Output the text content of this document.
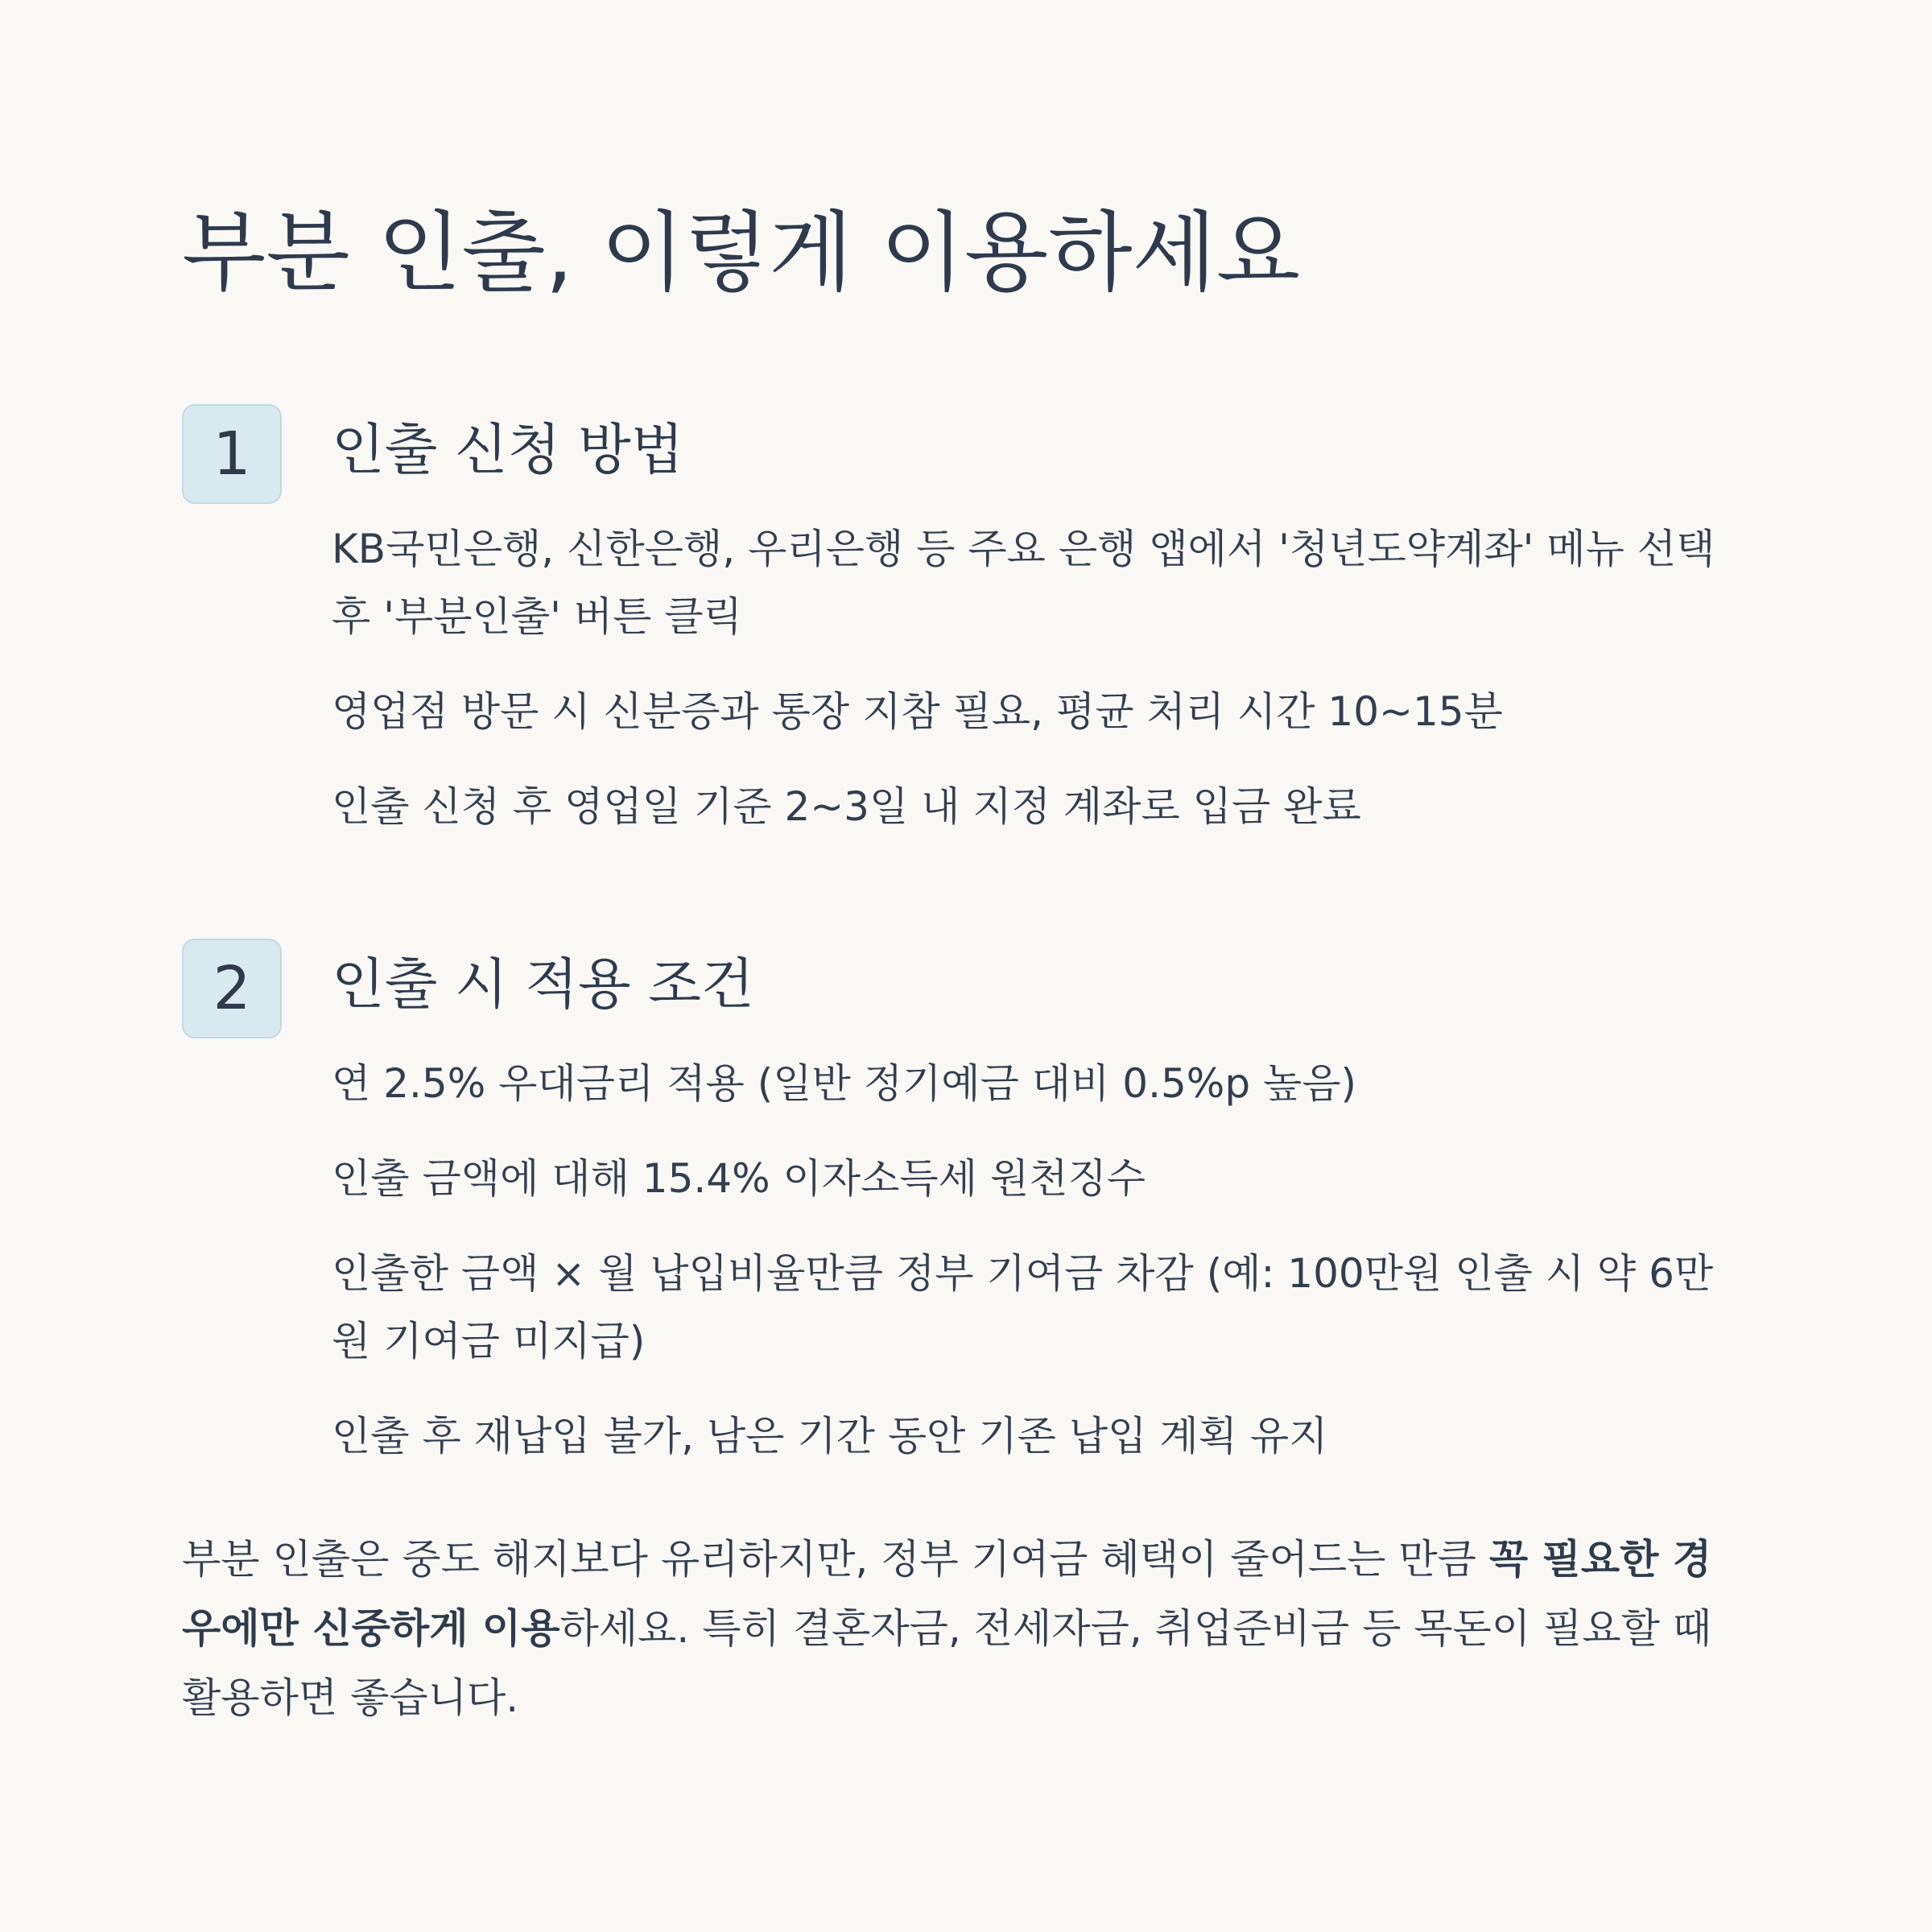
부분 인출, 이렇게 이용하세요
1	인출 신청 방법
KB국민은행, 신한은행, 우리은행 등 주요 은행 앱에서 '청년도약계좌' 메뉴 선택 후 '부분인출' 버튼 클릭
영업점 방문 시 신분증과 통장 지참 필요, 평균 처리 시간 10~15분
인출 신청 후 영업일 기준 2~3일 내 지정 계좌로 입금 완료
2	인출 시 적용 조건
연 2.5% 우대금리 적용 (일반 정기예금 대비 0.5%p 높음)
인출 금액에 대해 15.4% 이자소득세 원천징수
인출한 금액 × 월 납입비율만큼 정부 기여금 차감 (예: 100만원 인출 시 약 6만원 기여금 미지급)
인출 후 재납입 불가, 남은 기간 동안 기존 납입 계획 유지

부분 인출은 중도 해지보다 유리하지만, 정부 기여금 혜택이 줄어드는 만큼 꼭 필요한 경우에만 신중하게 이용하세요. 특히 결혼자금, 전세자금, 취업준비금 등 목돈이 필요할 때 활용하면 좋습니다.
